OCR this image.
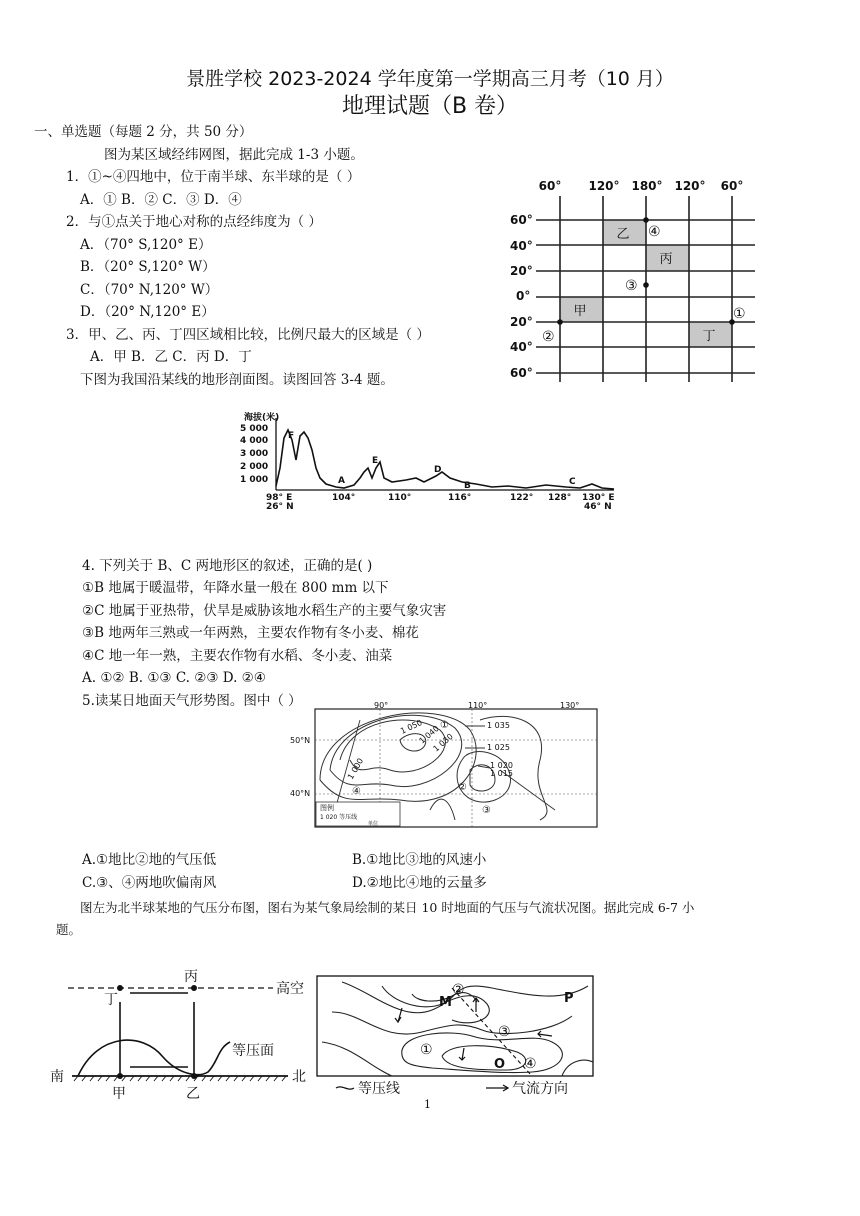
景胜学校 2023-2024 学年度第一学期高三月考（10 月）
地理试题（B 卷）
一、单选题（每题 2 分，共 50 分）
图为某区域经纬网图，据此完成 1-3 小题。
1．①~④四地中，位于南半球、东半球的是（ ）
A．① B．② C．③ D．④
2．与①点关于地心对称的点经纬度为（ ）
A．（70° S,120° E）
B．（20° S,120° W）
C．（70° N,120° W）
D．（20° N,120° E）
3．甲、乙、丙、丁四区域相比较，比例尺最大的区域是（ ）
A．甲 B．乙 C．丙 D．丁
下图为我国沿某线的地形剖面图。读图回答 3-4 题。
4. 下列关于 B、C 两地形区的叙述，正确的是( )
①B 地属于暖温带，年降水量一般在 800 mm 以下
②C 地属于亚热带，伏旱是威胁该地水稻生产的主要气象灾害
③B 地两年三熟或一年两熟，主要农作物有冬小麦、棉花
④C 地一年一熟，主要农作物有水稻、冬小麦、油菜
A. ①② B. ①③ C. ②③ D. ②④
5.读某日地面天气形势图。图中（ ）
A.①地比②地的气压低	B.①地比③地的风速小
C.③、④两地吹偏南风	D.②地比④地的云量多
图左为北半球某地的气压分布图，图右为某气象局绘制的某日 10 时地面的气压与气流状况图。据此完成 6-7 小
题。
60° 120° 180° 120° 60°
60°
40°
20°
0°
20°
40°
60°
甲
乙
丙
丁
①
②
③
④
海拔(米)
5 000
4 000
3 000
2 000
1 000
F
A
E
D
B	C
98° E
26° N
104°	110°	116°	122° 128° 130° E
46° N
90°	110°	130°
50°N
40°N
1 035
1 025
1 020
1 015
1 050
1 040
1 030
1 000
①
②
③
④
图例
1 020 等压线
单位
丙
丁
高空
等压面
南	北
甲	乙
M	P
O
①
②
③
④
等压线	气流方向
1
